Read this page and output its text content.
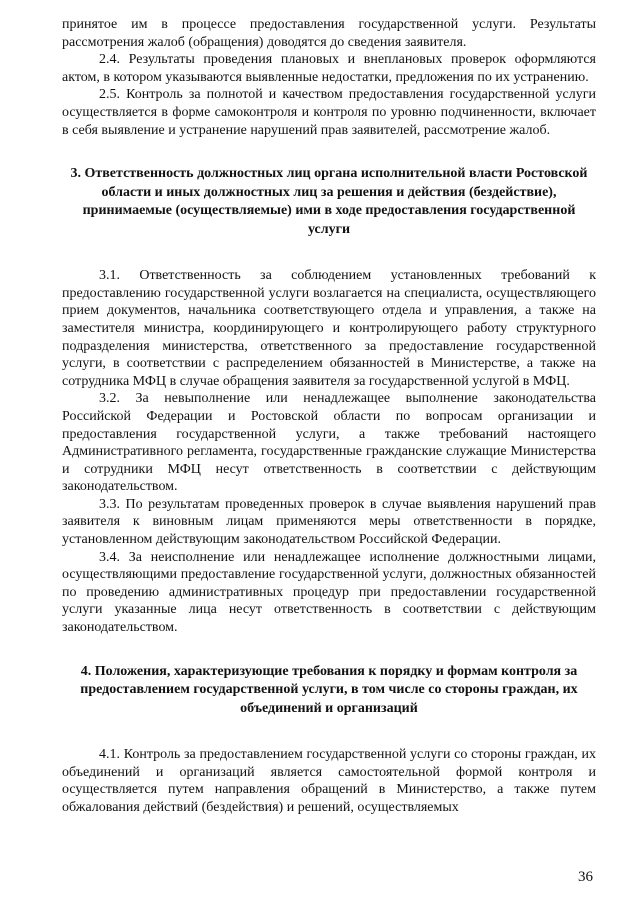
принятое им в процессе предоставления государственной услуги. Результаты рассмотрения жалоб (обращения) доводятся до сведения заявителя.

2.4. Результаты проведения плановых и внеплановых проверок оформляются актом, в котором указываются выявленные недостатки, предложения по их устранению.

2.5. Контроль за полнотой и качеством предоставления государственной услуги осуществляется в форме самоконтроля и контроля по уровню подчиненности, включает в себя выявление и устранение нарушений прав заявителей, рассмотрение жалоб.

3. Ответственность должностных лиц органа исполнительной власти Ростовской области и иных должностных лиц за решения и действия (бездействие), принимаемые (осуществляемые) ими в ходе предоставления государственной услуги

3.1. Ответственность за соблюдением установленных требований к предоставлению государственной услуги возлагается на специалиста, осуществляющего прием документов, начальника соответствующего отдела и управления, а также на заместителя министра, координирующего и контролирующего работу структурного подразделения министерства, ответственного за предоставление государственной услуги, в соответствии с распределением обязанностей в Министерстве, а также на сотрудника МФЦ в случае обращения заявителя за государственной услугой в МФЦ.

3.2. За невыполнение или ненадлежащее выполнение законодательства Российской Федерации и Ростовской области по вопросам организации и предоставления государственной услуги, а также требований настоящего Административного регламента, государственные гражданские служащие Министерства и сотрудники МФЦ несут ответственность в соответствии с действующим законодательством.

3.3. По результатам проведенных проверок в случае выявления нарушений прав заявителя к виновным лицам применяются меры ответственности в порядке, установленном действующим законодательством Российской Федерации.

3.4. За неисполнение или ненадлежащее исполнение должностными лицами, осуществляющими предоставление государственной услуги, должностных обязанностей по проведению административных процедур при предоставлении государственной услуги указанные лица несут ответственность в соответствии с действующим законодательством.

4. Положения, характеризующие требования к порядку и формам контроля за предоставлением государственной услуги, в том числе со стороны граждан, их объединений и организаций

4.1. Контроль за предоставлением государственной услуги со стороны граждан, их объединений и организаций является самостоятельной формой контроля и осуществляется путем направления обращений в Министерство, а также путем обжалования действий (бездействия) и решений, осуществляемых

36
